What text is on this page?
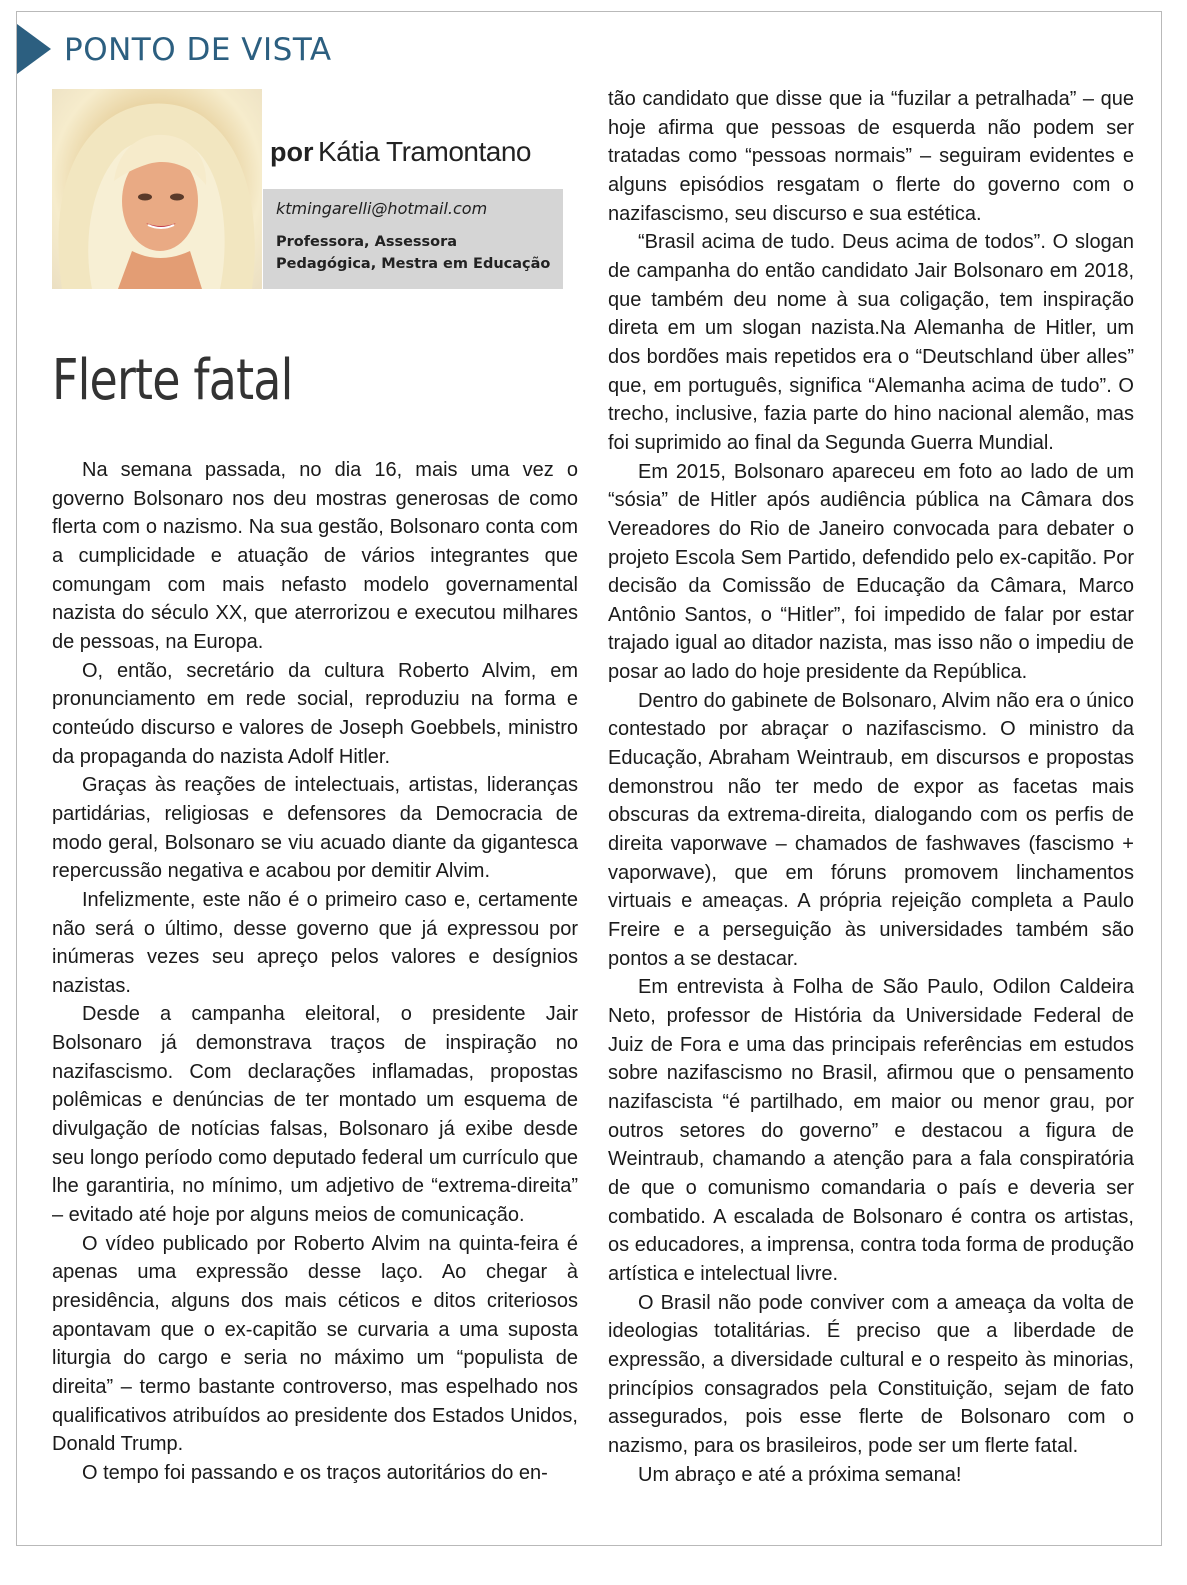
PONTO DE VISTA
por Kátia Tramontano
ktmingarelli@hotmail.com
Professora, Assessora Pedagógica, Mestra em Educação
Flerte fatal

Na semana passada, no dia 16, mais uma vez o governo Bolsonaro nos deu mostras generosas de como flerta com o nazismo. Na sua gestão, Bolsonaro conta com a cumplicidade e atuação de vários integrantes que comungam com mais nefasto modelo governamental nazista do século XX, que aterrorizou e executou milhares de pessoas, na Europa.

O, então, secretário da cultura Roberto Alvim, em pronunciamento em rede social, reproduziu na forma e conteúdo discurso e valores de Joseph Goebbels, ministro da propaganda do nazista Adolf Hitler.

Graças às reações de intelectuais, artistas, lideranças partidárias, religiosas e defensores da Democracia de modo geral, Bolsonaro se viu acuado diante da gigantesca repercussão negativa e acabou por demitir Alvim.

Infelizmente, este não é o primeiro caso e, certamente não será o último, desse governo que já expressou por inúmeras vezes seu apreço pelos valores e desígnios nazistas.

Desde a campanha eleitoral, o presidente Jair Bolsonaro já demonstrava traços de inspiração no nazifascismo. Com declarações inflamadas, propostas polêmicas e denúncias de ter montado um esquema de divulgação de notícias falsas, Bolsonaro já exibe desde seu longo período como deputado federal um currículo que lhe garantiria, no mínimo, um adjetivo de “extrema-direita” – evitado até hoje por alguns meios de comunicação.

O vídeo publicado por Roberto Alvim na quinta-feira é apenas uma expressão desse laço. Ao chegar à presidência, alguns dos mais céticos e ditos criteriosos apontavam que o ex-capitão se curvaria a uma suposta liturgia do cargo e seria no máximo um “populista de direita” – termo bastante controverso, mas espelhado nos qualificativos atribuídos ao presidente dos Estados Unidos, Donald Trump.

O tempo foi passando e os traços autoritários do en-

tão candidato que disse que ia “fuzilar a petralhada” – que hoje afirma que pessoas de esquerda não podem ser tratadas como “pessoas normais” – seguiram evidentes e alguns episódios resgatam o flerte do governo com o nazifascismo, seu discurso e sua estética.

“Brasil acima de tudo. Deus acima de todos”. O slogan de campanha do então candidato Jair Bolsonaro em 2018, que também deu nome à sua coligação, tem inspiração direta em um slogan nazista.Na Alemanha de Hitler, um dos bordões mais repetidos era o “Deutschland über alles” que, em português, significa “Alemanha acima de tudo”. O trecho, inclusive, fazia parte do hino nacional alemão, mas foi suprimido ao final da Segunda Guerra Mundial.

Em 2015, Bolsonaro apareceu em foto ao lado de um “sósia” de Hitler após audiência pública na Câmara dos Vereadores do Rio de Janeiro convocada para debater o projeto Escola Sem Partido, defendido pelo ex-capitão. Por decisão da Comissão de Educação da Câmara, Marco Antônio Santos, o “Hitler”, foi impedido de falar por estar trajado igual ao ditador nazista, mas isso não o impediu de posar ao lado do hoje presidente da República.

Dentro do gabinete de Bolsonaro, Alvim não era o único contestado por abraçar o nazifascismo. O ministro da Educação, Abraham Weintraub, em discursos e propostas demonstrou não ter medo de expor as facetas mais obscuras da extrema-direita, dialogando com os perfis de direita vaporwave – chamados de fashwaves (fascismo + vaporwave), que em fóruns promovem linchamentos virtuais e ameaças. A própria rejeição completa a Paulo Freire e a perseguição às universidades também são pontos a se destacar.

Em entrevista à Folha de São Paulo, Odilon Caldeira Neto, professor de História da Universidade Federal de Juiz de Fora e uma das principais referências em estudos sobre nazifascismo no Brasil, afirmou que o pensamento nazifascista “é partilhado, em maior ou menor grau, por outros setores do governo” e destacou a figura de Weintraub, chamando a atenção para a fala conspiratória de que o comunismo comandaria o país e deveria ser combatido. A escalada de Bolsonaro é contra os artistas, os educadores, a imprensa, contra toda forma de produção artística e intelectual livre.

O Brasil não pode conviver com a ameaça da volta de ideologias totalitárias. É preciso que a liberdade de expressão, a diversidade cultural e o respeito às minorias, princípios consagrados pela Constituição, sejam de fato assegurados, pois esse flerte de Bolsonaro com o nazismo, para os brasileiros, pode ser um flerte fatal.

Um abraço e até a próxima semana!
